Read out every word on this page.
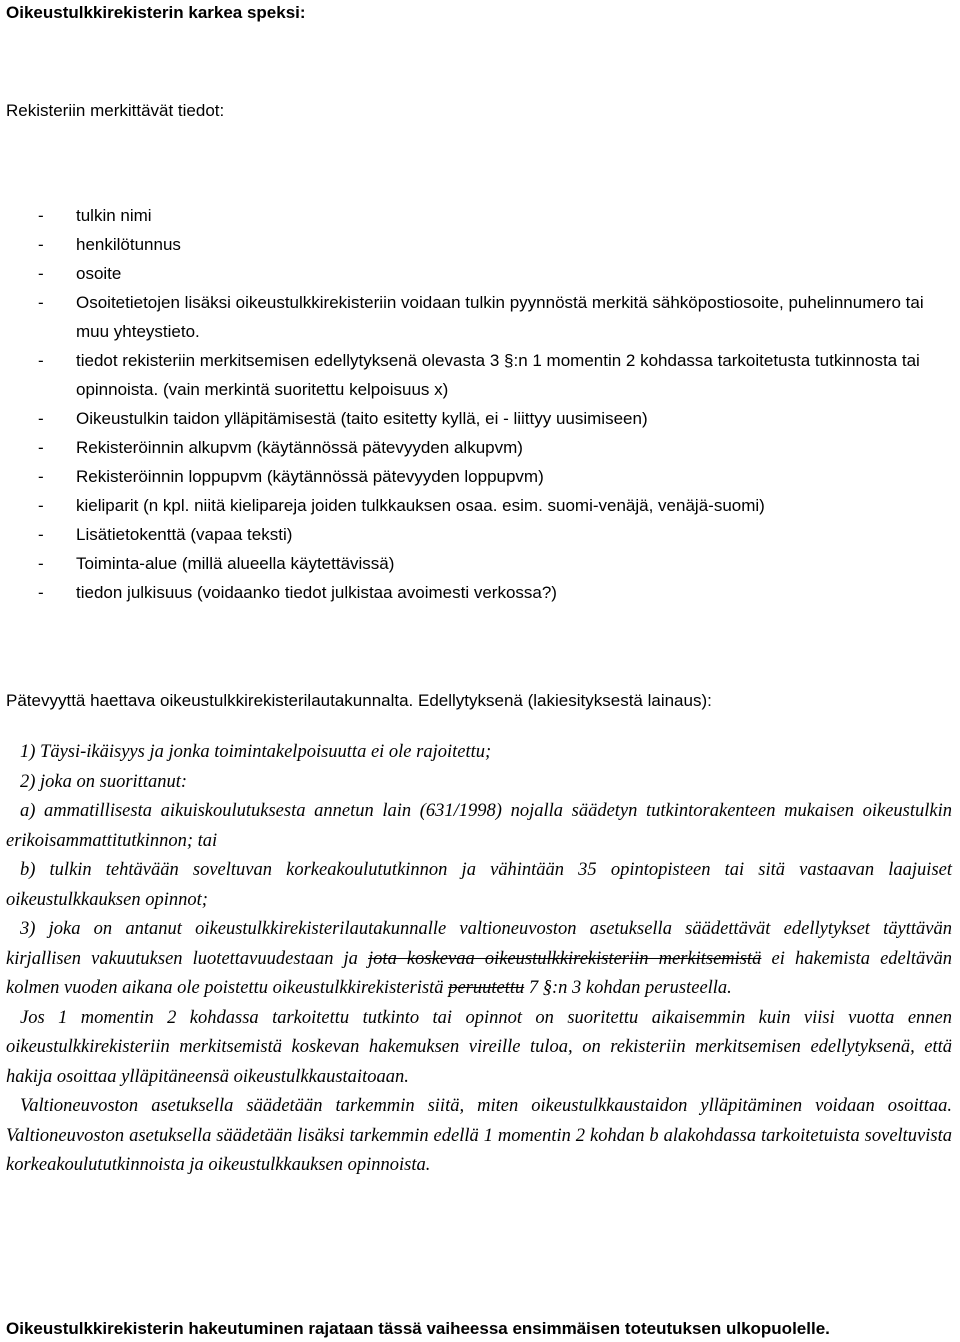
Oikeustulkkirekisterin karkea speksi:

Rekisteriin merkittävät tiedot:

- tulkin nimi
- henkilötunnus
- osoite
- Osoitetietojen lisäksi oikeustulkkirekisteriin voidaan tulkin pyynnöstä merkitä sähköpostiosoite, puhelinnumero tai muu yhteystieto.
- tiedot rekisteriin merkitsemisen edellytyksenä olevasta 3 §:n 1 momentin 2 kohdassa tarkoitetusta tutkinnosta tai opinnoista. (vain merkintä suoritettu kelpoisuus x)
- Oikeustulkin taidon ylläpitämisestä (taito esitetty kyllä, ei - liittyy uusimiseen)
- Rekisteröinnin alkupvm (käytännössä pätevyyden alkupvm)
- Rekisteröinnin loppupvm (käytännössä pätevyyden loppupvm)
- kieliparit (n kpl. niitä kielipareja joiden tulkkauksen osaa. esim. suomi-venäjä, venäjä-suomi)
- Lisätietokenttä (vapaa teksti)
- Toiminta-alue (millä alueella käytettävissä)
- tiedon julkisuus (voidaanko tiedot julkistaa avoimesti verkossa?)

Pätevyyttä haettava oikeustulkkirekisterilautakunnalta. Edellytyksenä (lakiesityksestä lainaus):

1) Täysi-ikäisyys ja jonka toimintakelpoisuutta ei ole rajoitettu;

2) joka on suorittanut:

a) ammatillisesta aikuiskoulutuksesta annetun lain (631/1998) nojalla säädetyn tutkintorakenteen mukaisen oikeustulkin erikoisammattitutkinnon; tai

b) tulkin tehtävään soveltuvan korkeakoulututkinnon ja vähintään 35 opintopisteen tai sitä vastaavan laajuiset oikeustulkkauksen opinnot;

3) joka on antanut oikeustulkkirekisterilautakunnalle valtioneuvoston asetuksella säädettävät edellytykset täyttävän kirjallisen vakuutuksen luotettavuudestaan ja jota koskevaa oikeustulkkirekisteriin merkitsemistä ei hakemista edeltävän kolmen vuoden aikana ole poistettu oikeustulkkirekisteristä peruutettu 7 §:n 3 kohdan perusteella.

Jos 1 momentin 2 kohdassa tarkoitettu tutkinto tai opinnot on suoritettu aikaisemmin kuin viisi vuotta ennen oikeustulkkirekisteriin merkitsemistä koskevan hakemuksen vireille tuloa, on rekisteriin merkitsemisen edellytyksenä, että hakija osoittaa ylläpitäneensä oikeustulkkaustaitoaan.

Valtioneuvoston asetuksella säädetään tarkemmin siitä, miten oikeustulkkaustaidon ylläpitäminen voidaan osoittaa. Valtioneuvoston asetuksella säädetään lisäksi tarkemmin edellä 1 momentin 2 kohdan b alakohdassa tarkoitetuista soveltuvista korkeakoulututkinnoista ja oikeustulkkauksen opinnoista.

Oikeustulkkirekisterin hakeutuminen rajataan tässä vaiheessa ensimmäisen toteutuksen ulkopuolelle.
